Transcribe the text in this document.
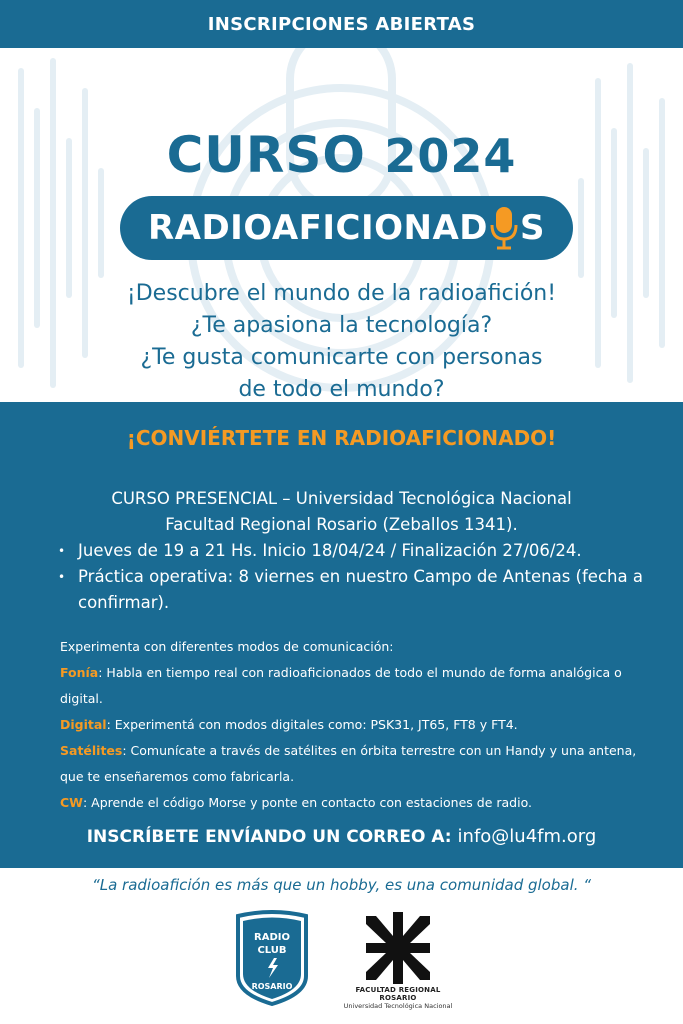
INSCRIPCIONES ABIERTAS
CURSO 2024
RADIOAFICIONAD S
¡Descubre el mundo de la radioafición!
¿Te apasiona la tecnología?
¿Te gusta comunicarte con personas
de todo el mundo?
¡CONVIÉRTETE EN RADIOAFICIONADO!
CURSO PRESENCIAL – Universidad Tecnológica Nacional
Facultad Regional Rosario (Zeballos 1341).
• Jueves de 19 a 21 Hs. Inicio 18/04/24 / Finalización 27/06/24.
• Práctica operativa: 8 viernes en nuestro Campo de Antenas (fecha a confirmar).
Experimenta con diferentes modos de comunicación:
Fonía: Habla en tiempo real con radioaficionados de todo el mundo de forma analógica o digital.
Digital: Experimentá con modos digitales como: PSK31, JT65, FT8 y FT4.
Satélites: Comunícate a través de satélites en órbita terrestre con un Handy y una antena, que te enseñaremos como fabricarla.
CW: Aprende el código Morse y ponte en contacto con estaciones de radio.
INSCRÍBETE ENVÍANDO UN CORREO A: info@lu4fm.org
“La radioafición es más que un hobby, es una comunidad global. “
RADIO
CLUB
ROSARIO	FACULTAD REGIONAL ROSARIO
Universidad Tecnológica Nacional
